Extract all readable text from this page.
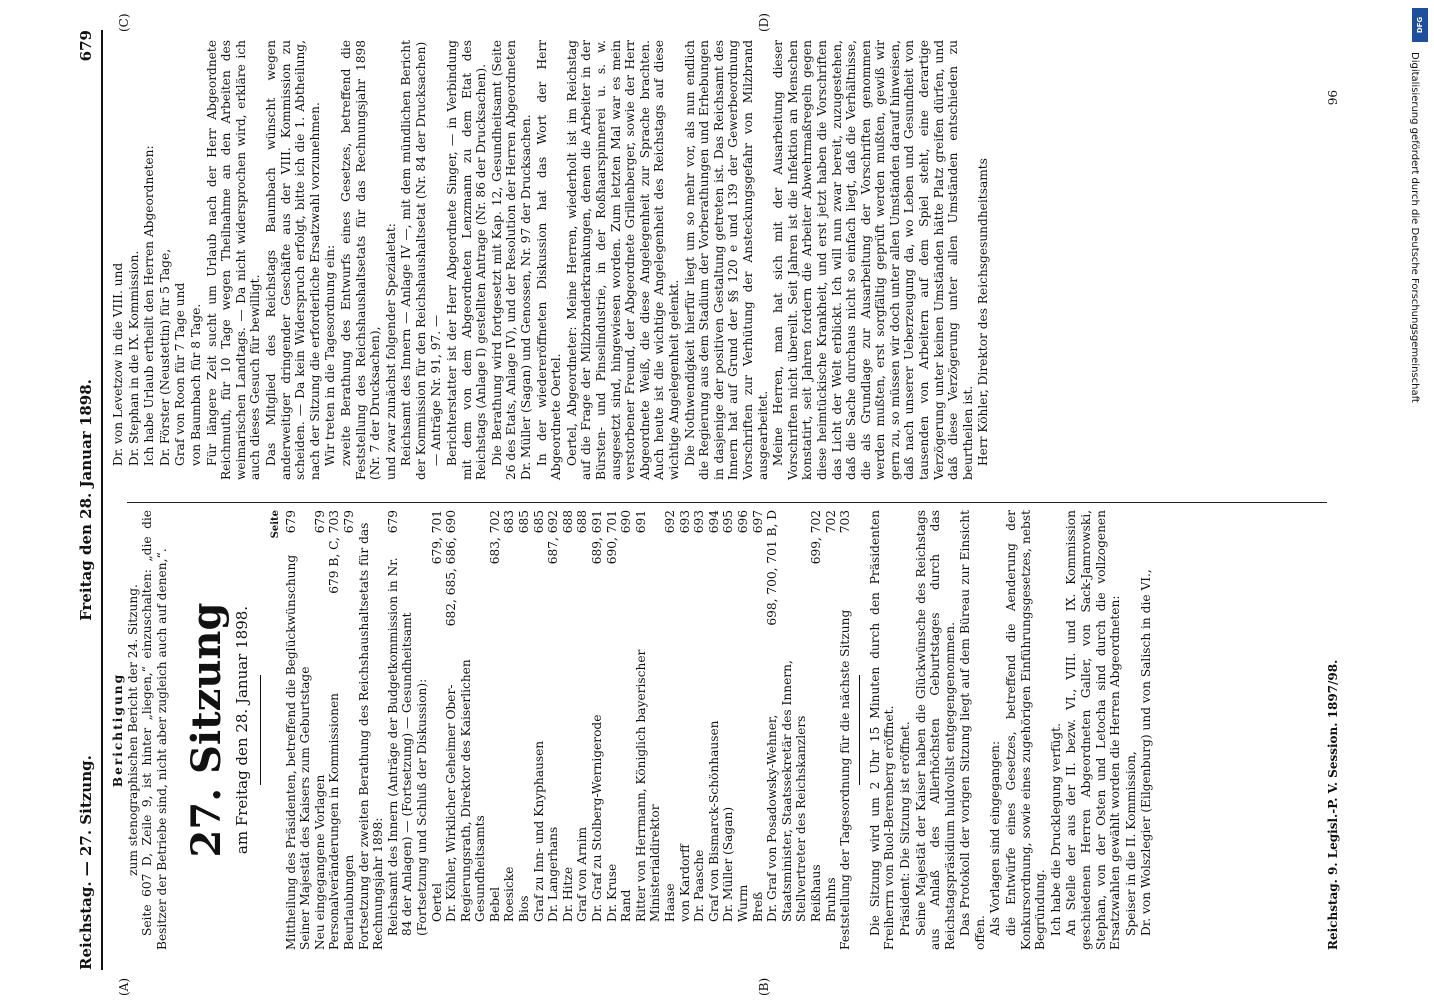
Reichstag. — 27. Sitzung.
Freitag den 28. Januar 1898.
679
(A)	(B)
(C)	(D)
Berichtigung zum stenographischen Bericht der 24. Sitzung. Seite 607 D, Zeile 9, ist hinter „liegen,“ einzuschalten: „die die Besitzer der Betriebe sind, nicht aber zugleich auch auf denen,“. 27. Sitzung am Freitag den 28. Januar 1898.
Seite
Mittheilung des Präsidenten, betreffend die Beglückwünschung Seiner Majestät des Kaisers zum Geburtstage
679
Neu eingegangene Vorlagen
679
Personalveränderungen in Kommissionen
679 B, C, 703
Beurlaubungen
679
Fortsetzung der zweiten Berathung des Reichshaushaltsetats für das Rechnungsjahr 1898: Reichsamt des Innern (Anträge der Budgetkommission in Nr. 84 der Anlagen) — (Fortsetzung) — Gesundheitsamt (Fortsetzung und Schluß der Diskussion):
679
Oertel
679, 701
Dr. Köhler, Wirklicher Geheimer Ober-Regierungsrath, Direktor des Kaiserlichen Gesundheitsamts
682, 685, 686, 690
Bebel
683, 702
Roesicke
683
Bios
685
Graf zu Inn- und Knyphausen
685
Dr. Langerhans
687, 692
Dr. Hitze
688
Graf von Arnim
688
Dr. Graf zu Stolberg-Wernigerode
689, 691
Dr. Kruse
690, 701
Rand
690
Ritter von Herrmann, Königlich bayerischer Ministerialdirektor
691
Haase
692
von Kardorff
693
Dr. Paasche
693
Graf von Bismarck-Schönhausen
694
Dr. Müller (Sagan)
695
Wurm
696
Breß
697
Dr. Graf von Posadowsky-Wehner, Staatsminister, Staatssekretär des Innern, Stellvertreter des Reichskanzlers
698, 700, 701 B, D
Reißhaus
699, 702
Bruhns
702
Feststellung der Tagesordnung für die nächste Sitzung
703 Die Sitzung wird um 2 Uhr 15 Minuten durch den Präsidenten Freiherrn von Buol-Berenberg eröffnet. Präsident: Die Sitzung ist eröffnet. Seine Majestät der Kaiser haben die Glückwünsche des Reichstags aus Anlaß des Allerhöchsten Geburtstages durch das Reichstagspräsidium huldvollst entgegengenommen. Das Protokoll der vorigen Sitzung liegt auf dem Büreau zur Einsicht offen. Als Vorlagen sind eingegangen: die Entwürfe eines Gesetzes, betreffend die Aenderung der Konkursordnung, sowie eines zugehörigen Einführungsgesetzes, nebst Begründung. Ich habe die Drucklegung verfügt. An Stelle der aus der II. bezw. VI., VIII. und IX. Kommission geschiedenen Herren Abgeordneten Galler, von Sack-Jamrowski, Stephan, von der Osten und Letocha sind durch die vollzogenen Ersatzwahlen gewählt worden die Herren Abgeordneten: Speiser in die II. Kommission, Dr. von Wolszlegier (Eilgenburg) und von Salisch in die VI.,

Dr. von Levetzow in die VIII. und Dr. Stephan in die IX. Kommission. Ich habe Urlaub ertheilt den Herren Abgeordneten: Dr. Förster (Neustettin) für 5 Tage, Graf von Roon für 7 Tage und von Baumbach für 8 Tage. Für längere Zeit sucht um Urlaub nach der Herr Abgeordnete Reichmuth, für 10 Tage wegen Theilnahme an den Arbeiten des weimarischen Landtags. — Da nicht widersprochen wird, erkläre ich auch dieses Gesuch für bewilligt. Das Mitglied des Reichstags Baumbach wünscht wegen anderweitiger dringender Geschäfte aus der VIII. Kommission zu scheiden. — Da kein Widerspruch erfolgt, bitte ich die 1. Abtheilung, nach der Sitzung die erforderliche Ersatzwahl vorzunehmen. Wir treten in die Tagesordnung ein: zweite Berathung des Entwurfs eines Gesetzes, betreffend die Feststellung des Reichshaushaltsetats für das Rechnungsjahr 1898 (Nr. 7 der Drucksachen), und zwar zunächst folgender Spezialetat: Reichsamt des Innern — Anlage IV —, mit dem mündlichen Bericht der Kommission für den Reichshaushaltsetat (Nr. 84 der Drucksachen) — Anträge Nr. 91, 97. — Berichterstatter ist der Herr Abgeordnete Singer, — in Verbindung mit dem von dem Abgeordneten Lenzmann zu dem Etat des Reichstags (Anlage I) gestellten Antrage (Nr. 86 der Drucksachen). Die Berathung wird fortgesetzt mit Kap. 12, Gesundheitsamt (Seite 26 des Etats, Anlage IV), und der Resolution der Herren Abgeordneten Dr. Müller (Sagan) und Genossen, Nr. 97 der Drucksachen. In der wiedereröffneten Diskussion hat das Wort der Herr Abgeordnete Oertel. Oertel, Abgeordneter: Meine Herren, wiederholt ist im Reichstag auf die Frage der Milzbranderkrankungen, denen die Arbeiter in der Bürsten- und Pinselindustrie, in der Roßhaarspinnerei u. s. w. ausgesetzt sind, hingewiesen worden. Zum letzten Mal war es mein verstorbener Freund, der Abgeordnete Grillenberger, sowie der Herr Abgeordnete Weiß, die diese Angelegenheit zur Sprache brachten. Auch heute ist die wichtige Angelegenheit des Reichstags auf diese wichtige Angelegenheit gelenkt. Die Nothwendigkeit hierfür liegt um so mehr vor, als nun endlich die Regierung aus dem Stadium der Vorberathungen und Erhebungen in dasjenige der positiven Gestaltung getreten ist. Das Reichsamt des Innern hat auf Grund der §§ 120 e und 139 der Gewerbeordnung Vorschriften zur Verhütung der Ansteckungsgefahr von Milzbrand ausgearbeitet. Meine Herren, man hat sich mit der Ausarbeitung dieser Vorschriften nicht übereilt. Seit Jahren ist die Infektion an Menschen konstatirt, seit Jahren fordern die Arbeiter Abwehrmaßregeln gegen diese heimtückische Krankheit, und erst jetzt haben die Vorschriften das Licht der Welt erblickt. Ich will nun zwar bereit, zuzugestehen, daß die Sache durchaus nicht so einfach liegt, daß die Verhältnisse, die als Grundlage zur Ausarbeitung der Vorschriften genommen werden mußten, erst sorgfältig geprüft werden mußten, gewiß wir gern zu, so müssen wir doch unter allen Umständen darauf hinweisen, daß nach unserer Ueberzeugung da, wo Leben und Gesundheit von tausenden von Arbeitern auf dem Spiel steht, eine derartige Verzögerung unter keinen Umständen hätte Platz greifen dürfen, und daß diese Verzögerung unter allen Umständen entschieden zu beurtheilen ist. Herr Köhler, Direktor des Reichsgesundheitsamts

Reichstag. 9. Legisl.-P. V. Session. 1897/98.
96
DFG
Digitalisierung gefördert durch die Deutsche Forschungsgemeinschaft
